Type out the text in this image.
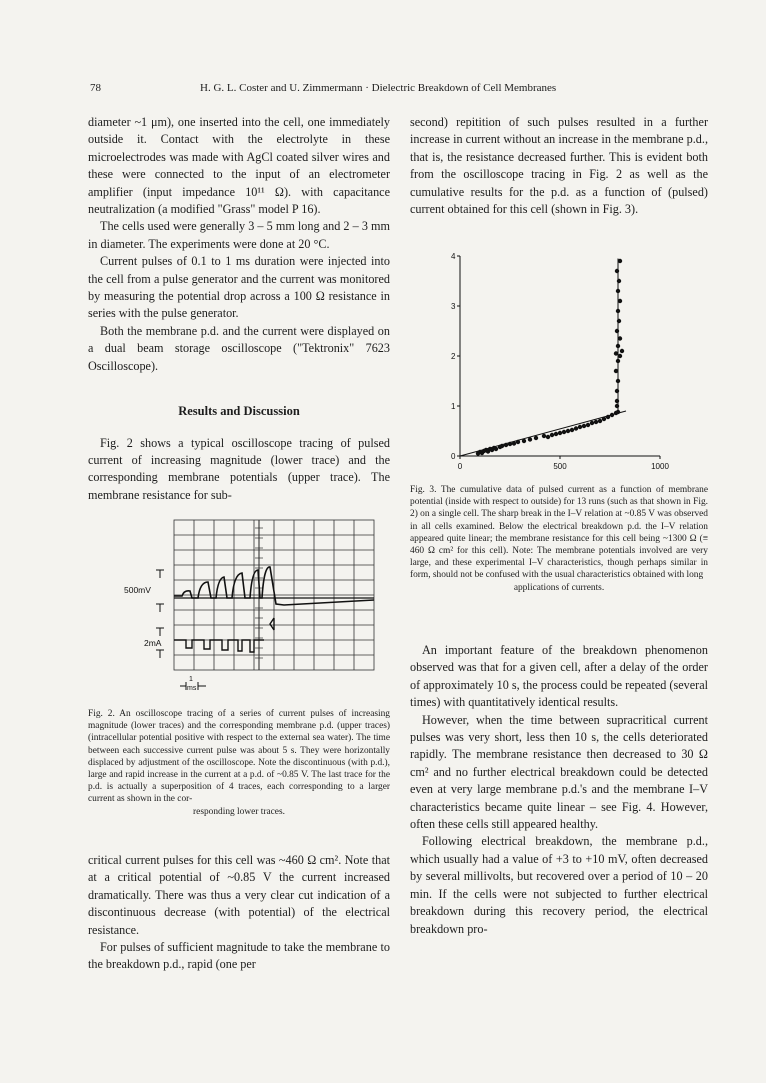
78	H. G. L. Coster and U. Zimmermann · Dielectric Breakdown of Cell Membranes

diameter ~1 μm), one inserted into the cell, one immediately outside it. Contact with the electrolyte in these microelectrodes was made with AgCl coated silver wires and these were connected to the input of an electrometer amplifier (input impedance 10¹¹ Ω). with capacitance neutralization (a modified "Grass" model P 16).

The cells used were generally 3 – 5 mm long and 2 – 3 mm in diameter. The experiments were done at 20 °C.

Current pulses of 0.1 to 1 ms duration were injected into the cell from a pulse generator and the current was monitored by measuring the potential drop across a 100 Ω resistance in series with the pulse generator.

Both the membrane p.d. and the current were displayed on a dual beam storage oscilloscope ("Tektronix" 7623 Oscilloscope).

Results and Discussion

Fig. 2 shows a typical oscilloscope tracing of pulsed current of increasing magnitude (lower trace) and the corresponding membrane potentials (upper trace). The membrane resistance for sub-

500mV
2mA
1
ms
Fig. 2. An oscilloscope tracing of a series of current pulses of increasing magnitude (lower traces) and the corresponding membrane p.d. (upper traces) (intracellular potential positive with respect to the external sea water). The time between each successive current pulse was about 5 s. They were horizontally displaced by adjustment of the oscilloscope. Note the discontinuous (with p.d.), large and rapid increase in the current at a p.d. of ~0.85 V. The last trace for the p.d. is actually a superposition of 4 traces, each corresponding to a larger current as shown in the cor-
responding lower traces.

critical current pulses for this cell was ~460 Ω cm². Note that at a critical potential of ~0.85 V the current increased dramatically. There was thus a very clear cut indication of a discontinuous decrease (with potential) of the electrical resistance.

For pulses of sufficient magnitude to take the membrane to the breakdown p.d., rapid (one per

second) repitition of such pulses resulted in a further increase in current without an increase in the membrane p.d., that is, the resistance decreased further. This is evident both from the oscilloscope tracing in Fig. 2 as well as the cumulative results for the p.d. as a function of (pulsed) current obtained for this cell (shown in Fig. 3).

0
1
2
3
4
0	500	1000
Fig. 3. The cumulative data of pulsed current as a function of membrane potential (inside with respect to outside) for 13 runs (such as that shown in Fig. 2) on a single cell. The sharp break in the I–V relation at ~0.85 V was observed in all cells examined. Below the electrical breakdown p.d. the I–V relation appeared quite linear; the membrane resistance for this cell being ~1300 Ω (≡ 460 Ω cm² for this cell). Note: The membrane potentials involved are very large, and these experimental I–V characteristics, though perhaps similar in form, should not be confused with the usual characteristics obtained with long
applications of currents.

An important feature of the breakdown phenomenon observed was that for a given cell, after a delay of the order of approximately 10 s, the process could be repeated (several times) with quantitatively identical results.

However, when the time between supracritical current pulses was very short, less then 10 s, the cells deteriorated rapidly. The membrane resistance then decreased to 30 Ω cm² and no further electrical breakdown could be detected even at very large membrane p.d.'s and the membrane I–V characteristics became quite linear – see Fig. 4. However, often these cells still appeared healthy.

Following electrical breakdown, the membrane p.d., which usually had a value of +3 to +10 mV, often decreased by several millivolts, but recovered over a period of 10 – 20 min. If the cells were not subjected to further electrical breakdown during this recovery period, the electrical breakdown pro-
